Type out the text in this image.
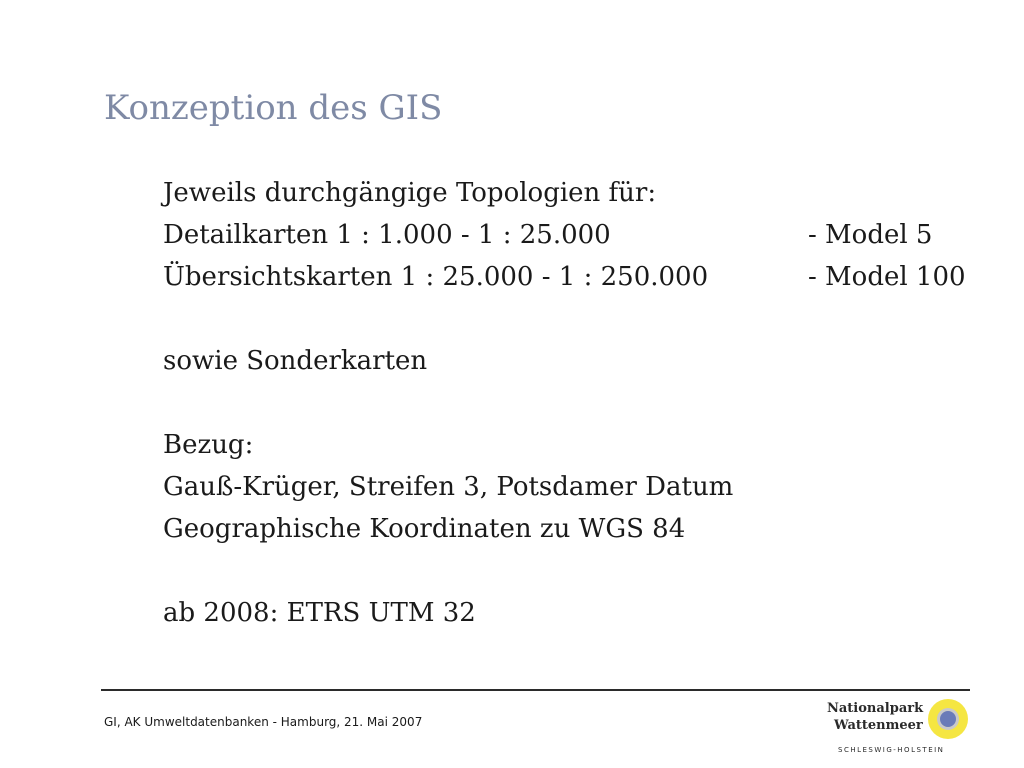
Konzeption des GIS
Jeweils durchgängige Topologien für:
Detailkarten 1 : 1.000 - 1 : 25.000	- Model 5
Übersichtskarten 1 : 25.000 - 1 : 250.000	- Model 100
sowie Sonderkarten
Bezug:
Gauß-Krüger, Streifen 3, Potsdamer Datum
Geographische Koordinaten zu WGS 84
ab 2008: ETRS UTM 32
GI, AK Umweltdatenbanken - Hamburg, 21. Mai 2007
Nationalpark
Wattenmeer
SCHLESWIG-HOLSTEIN
